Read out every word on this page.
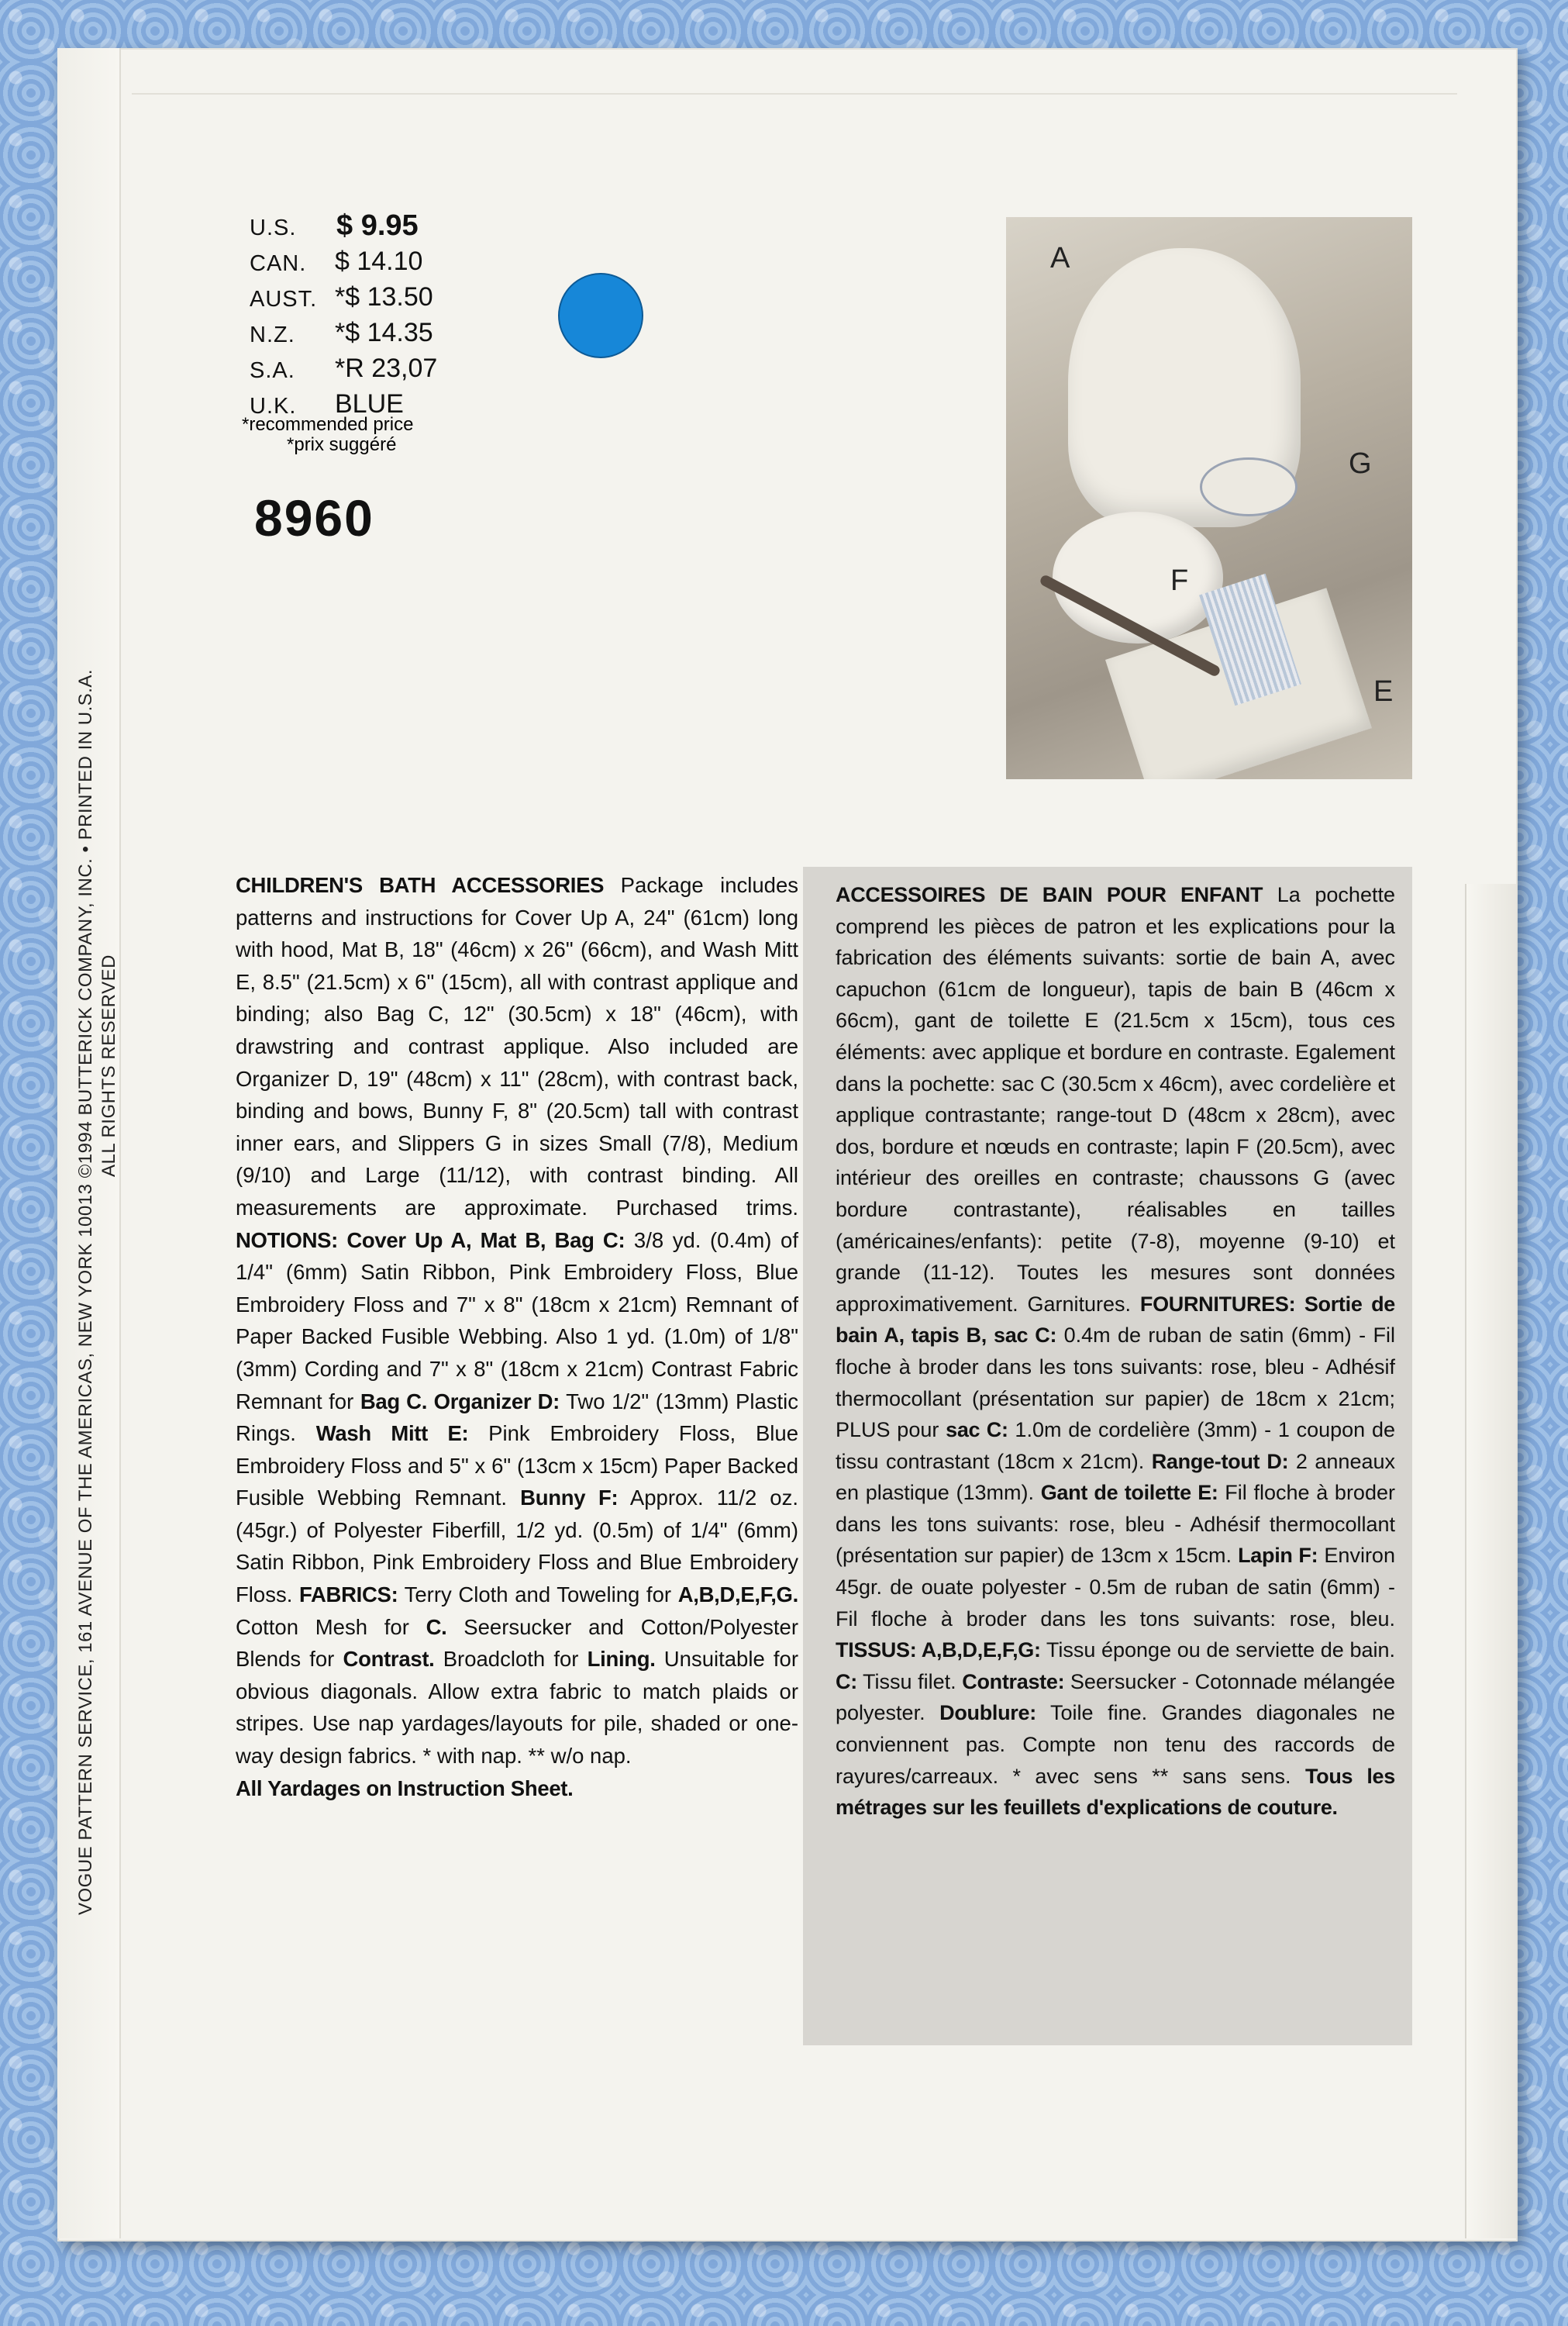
VOGUE PATTERN SERVICE, 161 AVENUE OF THE AMERICAS, NEW YORK 10013 ©1994 BUTTERICK COMPANY, INC. • PRINTED IN U.S.A. ALL RIGHTS RESERVED
U.S. $ 9.95
CAN. $ 14.10
AUST. *$ 13.50
N.Z. *$ 14.35
S.A. *R 23,07
U.K. BLUE
*recommended price
*prix suggéré
8960
A
G
F
E
CHILDREN'S BATH ACCESSORIES Package includes patterns and instructions for Cover Up A, 24" (61cm) long with hood, Mat B, 18" (46cm) x 26" (66cm), and Wash Mitt E, 8.5" (21.5cm) x 6" (15cm), all with contrast applique and binding; also Bag C, 12" (30.5cm) x 18" (46cm), with drawstring and contrast applique. Also included are Organizer D, 19" (48cm) x 11" (28cm), with contrast back, binding and bows, Bunny F, 8" (20.5cm) tall with contrast inner ears, and Slippers G in sizes Small (7/8), Medium (9/10) and Large (11/12), with contrast binding. All measurements are approximate. Purchased trims. NOTIONS: Cover Up A, Mat B, Bag C: 3/8 yd. (0.4m) of 1/4" (6mm) Satin Ribbon, Pink Embroidery Floss, Blue Embroidery Floss and 7" x 8" (18cm x 21cm) Remnant of Paper Backed Fusible Webbing. Also 1 yd. (1.0m) of 1/8" (3mm) Cording and 7" x 8" (18cm x 21cm) Contrast Fabric Remnant for Bag C. Organizer D: Two 1/2" (13mm) Plastic Rings. Wash Mitt E: Pink Embroidery Floss, Blue Embroidery Floss and 5" x 6" (13cm x 15cm) Paper Backed Fusible Webbing Remnant. Bunny F: Approx. 11/2 oz. (45gr.) of Polyester Fiberfill, 1/2 yd. (0.5m) of 1/4" (6mm) Satin Ribbon, Pink Embroidery Floss and Blue Embroidery Floss. FABRICS: Terry Cloth and Toweling for A,B,D,E,F,G. Cotton Mesh for C. Seersucker and Cotton/Polyester Blends for Contrast. Broadcloth for Lining. Unsuitable for obvious diagonals. Allow extra fabric to match plaids or stripes. Use nap yardages/layouts for pile, shaded or one-way design fabrics. * with nap. ** w/o nap.
All Yardages on Instruction Sheet.
ACCESSOIRES DE BAIN POUR ENFANT La pochette comprend les pièces de patron et les explications pour la fabrication des éléments suivants: sortie de bain A, avec capuchon (61cm de longueur), tapis de bain B (46cm x 66cm), gant de toilette E (21.5cm x 15cm), tous ces éléments: avec applique et bordure en contraste. Egalement dans la pochette: sac C (30.5cm x 46cm), avec cordelière et applique contrastante; range-tout D (48cm x 28cm), avec dos, bordure et nœuds en contraste; lapin F (20.5cm), avec intérieur des oreilles en contraste; chaussons G (avec bordure contrastante), réalisables en tailles (américaines/enfants): petite (7-8), moyenne (9-10) et grande (11-12). Toutes les mesures sont données approximativement. Garnitures. FOURNITURES: Sortie de bain A, tapis B, sac C: 0.4m de ruban de satin (6mm) - Fil floche à broder dans les tons suivants: rose, bleu - Adhésif thermocollant (présentation sur papier) de 18cm x 21cm; PLUS pour sac C: 1.0m de cordelière (3mm) - 1 coupon de tissu contrastant (18cm x 21cm). Range-tout D: 2 anneaux en plastique (13mm). Gant de toilette E: Fil floche à broder dans les tons suivants: rose, bleu - Adhésif thermocollant (présentation sur papier) de 13cm x 15cm. Lapin F: Environ 45gr. de ouate polyester - 0.5m de ruban de satin (6mm) - Fil floche à broder dans les tons suivants: rose, bleu. TISSUS: A,B,D,E,F,G: Tissu éponge ou de serviette de bain. C: Tissu filet. Contraste: Seersucker - Cotonnade mélangée polyester. Doublure: Toile fine. Grandes diagonales ne conviennent pas. Compte non tenu des raccords de rayures/carreaux. * avec sens ** sans sens. Tous les métrages sur les feuillets d'explications de couture.
